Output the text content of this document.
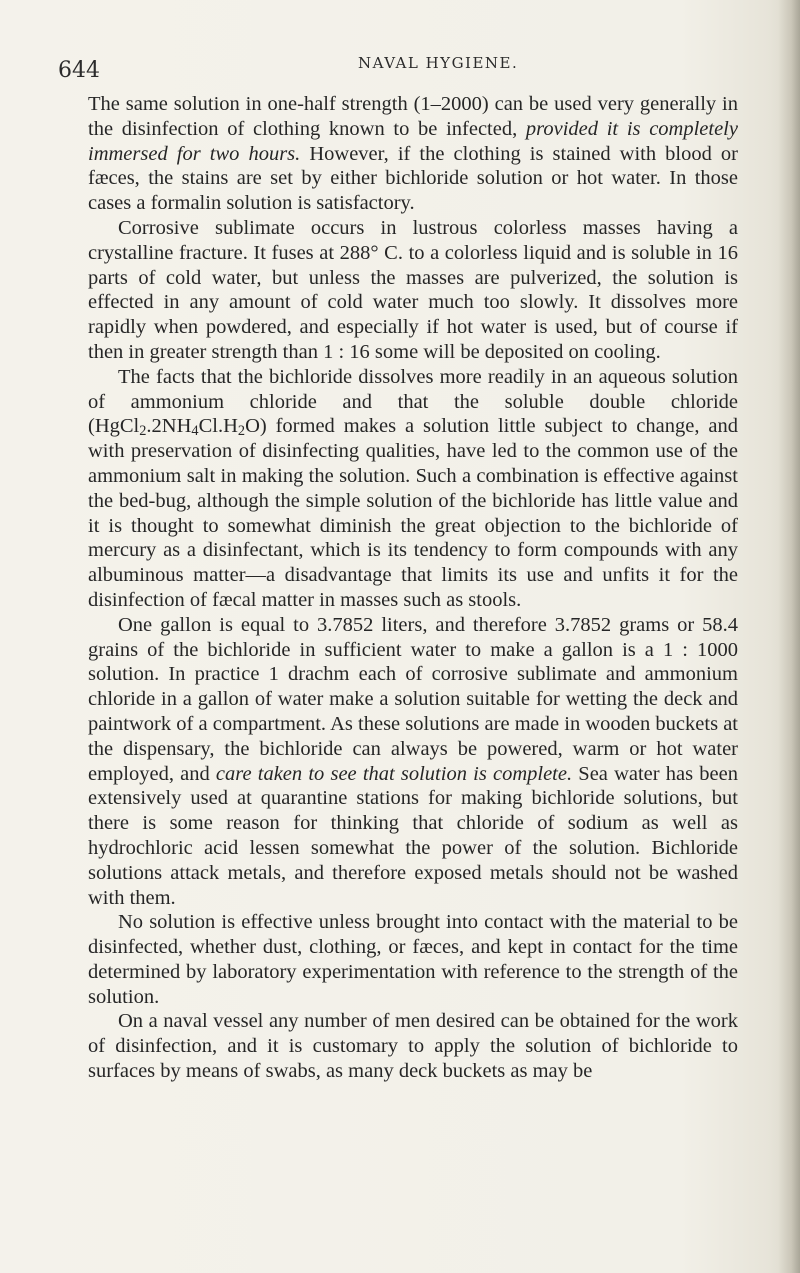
644	NAVAL HYGIENE.

The same solution in one-half strength (1–2000) can be used very generally in the disinfection of clothing known to be infected, provided it is completely immersed for two hours. However, if the clothing is stained with blood or fæces, the stains are set by either bichloride solution or hot water. In those cases a formalin solution is satisfactory.

Corrosive sublimate occurs in lustrous colorless masses having a crystalline fracture. It fuses at 288° C. to a colorless liquid and is soluble in 16 parts of cold water, but unless the masses are pulverized, the solution is effected in any amount of cold water much too slowly. It dissolves more rapidly when powdered, and especially if hot water is used, but of course if then in greater strength than 1 : 16 some will be deposited on cooling.

The facts that the bichloride dissolves more readily in an aqueous solution of ammonium chloride and that the soluble double chloride $(HgCl_2.2NH_4Cl.H_2O)$ formed makes a solution little subject to change, and with preservation of disinfecting qualities, have led to the common use of the ammonium salt in making the solution. Such a combination is effective against the bed-bug, although the simple solution of the bichloride has little value and it is thought to somewhat diminish the great objection to the bichloride of mercury as a disinfectant, which is its tendency to form compounds with any albuminous matter—a disadvantage that limits its use and unfits it for the disinfection of fæcal matter in masses such as stools.

One gallon is equal to 3.7852 liters, and therefore 3.7852 grams or 58.4 grains of the bichloride in sufficient water to make a gallon is a 1 : 1000 solution. In practice 1 drachm each of corrosive sublimate and ammonium chloride in a gallon of water make a solution suitable for wetting the deck and paintwork of a compartment. As these solutions are made in wooden buckets at the dispensary, the bichloride can always be powered, warm or hot water employed, and care taken to see that solution is complete. Sea water has been extensively used at quarantine stations for making bichloride solutions, but there is some reason for thinking that chloride of sodium as well as hydrochloric acid lessen somewhat the power of the solution. Bichloride solutions attack metals, and therefore exposed metals should not be washed with them.

No solution is effective unless brought into contact with the material to be disinfected, whether dust, clothing, or fæces, and kept in contact for the time determined by laboratory experimentation with reference to the strength of the solution.

On a naval vessel any number of men desired can be obtained for the work of disinfection, and it is customary to apply the solution of bichloride to surfaces by means of swabs, as many deck buckets as may be
